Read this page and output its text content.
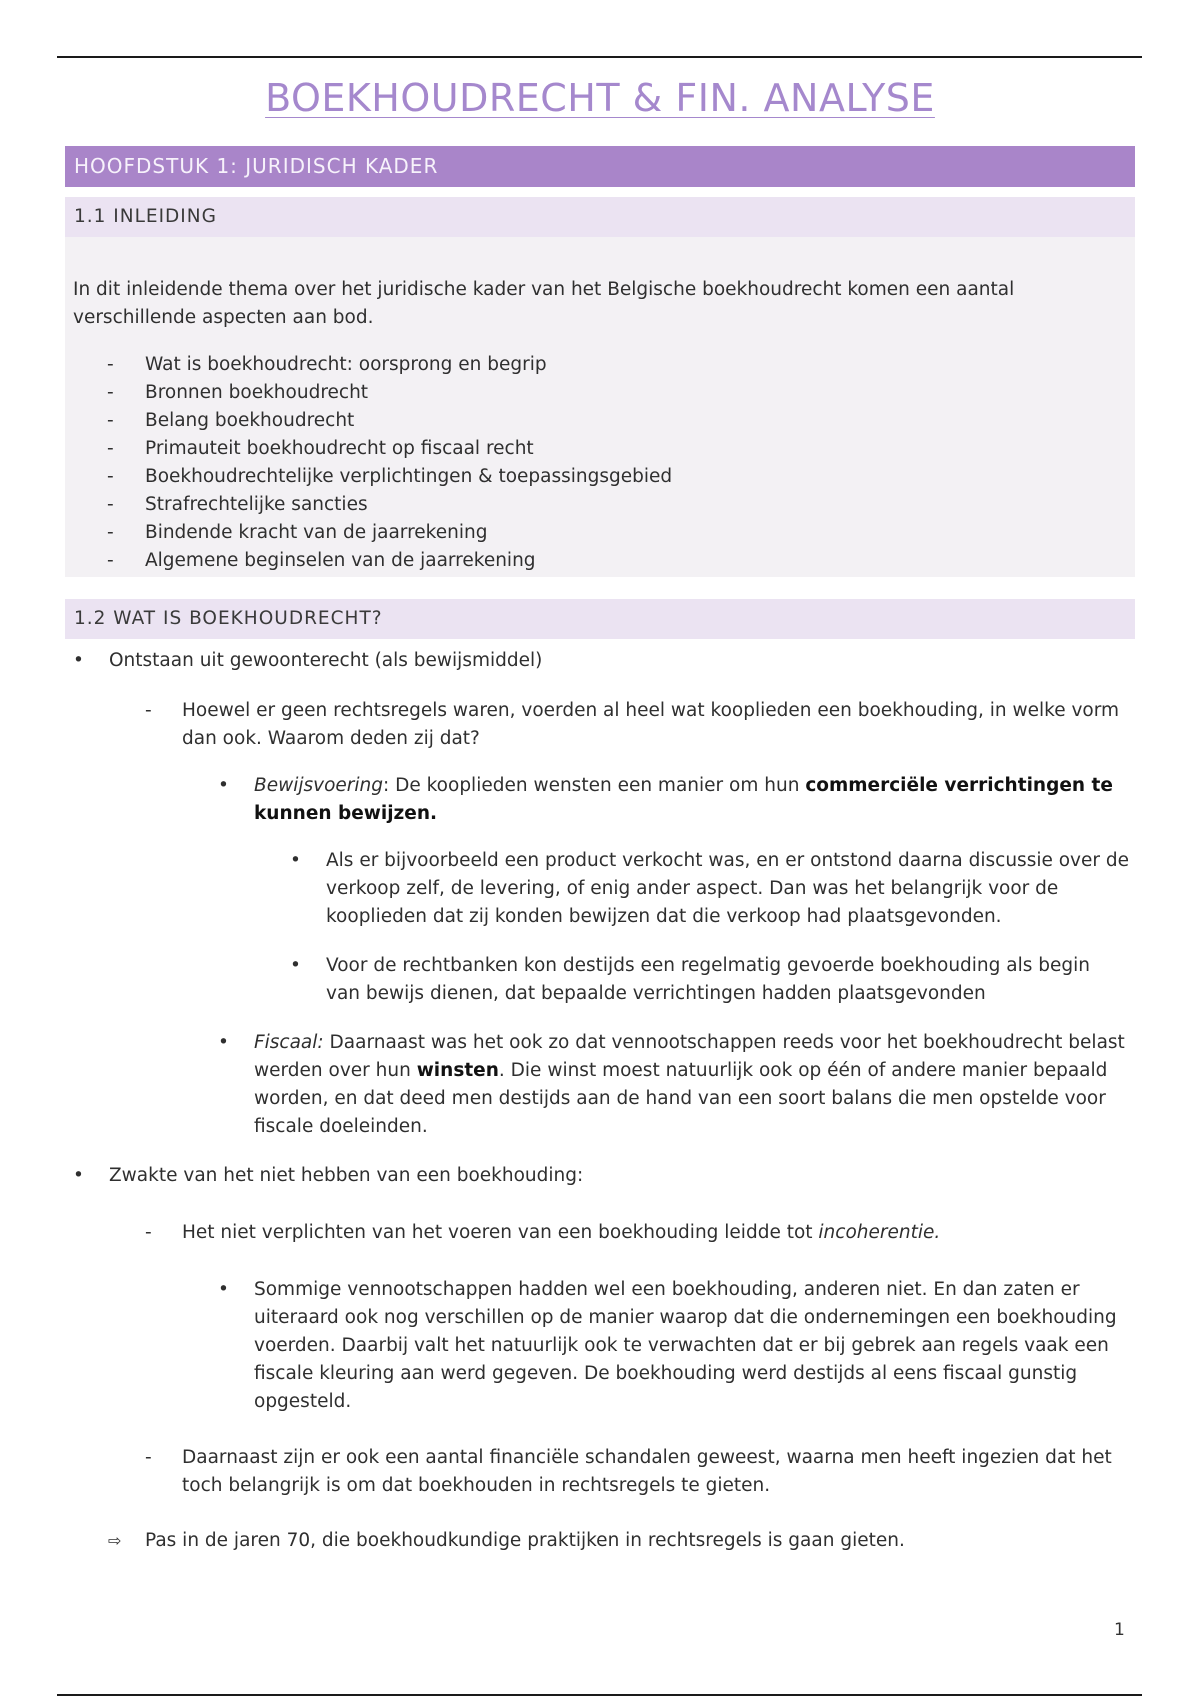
BOEKHOUDRECHT & FIN. ANALYSE
HOOFDSTUK 1: JURIDISCH KADER
1.1 INLEIDING
In dit inleidende thema over het juridische kader van het Belgische boekhoudrecht komen een aantal
verschillende aspecten aan bod.
- Wat is boekhoudrecht: oorsprong en begrip
- Bronnen boekhoudrecht
- Belang boekhoudrecht
- Primauteit boekhoudrecht op fiscaal recht
- Boekhoudrechtelijke verplichtingen & toepassingsgebied
- Strafrechtelijke sancties
- Bindende kracht van de jaarrekening
- Algemene beginselen van de jaarrekening
1.2 WAT IS BOEKHOUDRECHT?
• Ontstaan uit gewoonterecht (als bewijsmiddel)
- Hoewel er geen rechtsregels waren, voerden al heel wat kooplieden een boekhouding, in welke vorm
dan ook. Waarom deden zij dat?
• Bewijsvoering: De kooplieden wensten een manier om hun commerciële verrichtingen te
kunnen bewijzen.
• Als er bijvoorbeeld een product verkocht was, en er ontstond daarna discussie over de
verkoop zelf, de levering, of enig ander aspect. Dan was het belangrijk voor de
kooplieden dat zij konden bewijzen dat die verkoop had plaatsgevonden.
• Voor de rechtbanken kon destijds een regelmatig gevoerde boekhouding als begin
van bewijs dienen, dat bepaalde verrichtingen hadden plaatsgevonden
• Fiscaal: Daarnaast was het ook zo dat vennootschappen reeds voor het boekhoudrecht belast
werden over hun winsten. Die winst moest natuurlijk ook op één of andere manier bepaald
worden, en dat deed men destijds aan de hand van een soort balans die men opstelde voor
fiscale doeleinden.
• Zwakte van het niet hebben van een boekhouding:
- Het niet verplichten van het voeren van een boekhouding leidde tot incoherentie.
• Sommige vennootschappen hadden wel een boekhouding, anderen niet. En dan zaten er
uiteraard ook nog verschillen op de manier waarop dat die ondernemingen een boekhouding
voerden. Daarbij valt het natuurlijk ook te verwachten dat er bij gebrek aan regels vaak een
fiscale kleuring aan werd gegeven. De boekhouding werd destijds al eens fiscaal gunstig
opgesteld.
- Daarnaast zijn er ook een aantal financiële schandalen geweest, waarna men heeft ingezien dat het
toch belangrijk is om dat boekhouden in rechtsregels te gieten.
⇨ Pas in de jaren 70, die boekhoudkundige praktijken in rechtsregels is gaan gieten.
1
